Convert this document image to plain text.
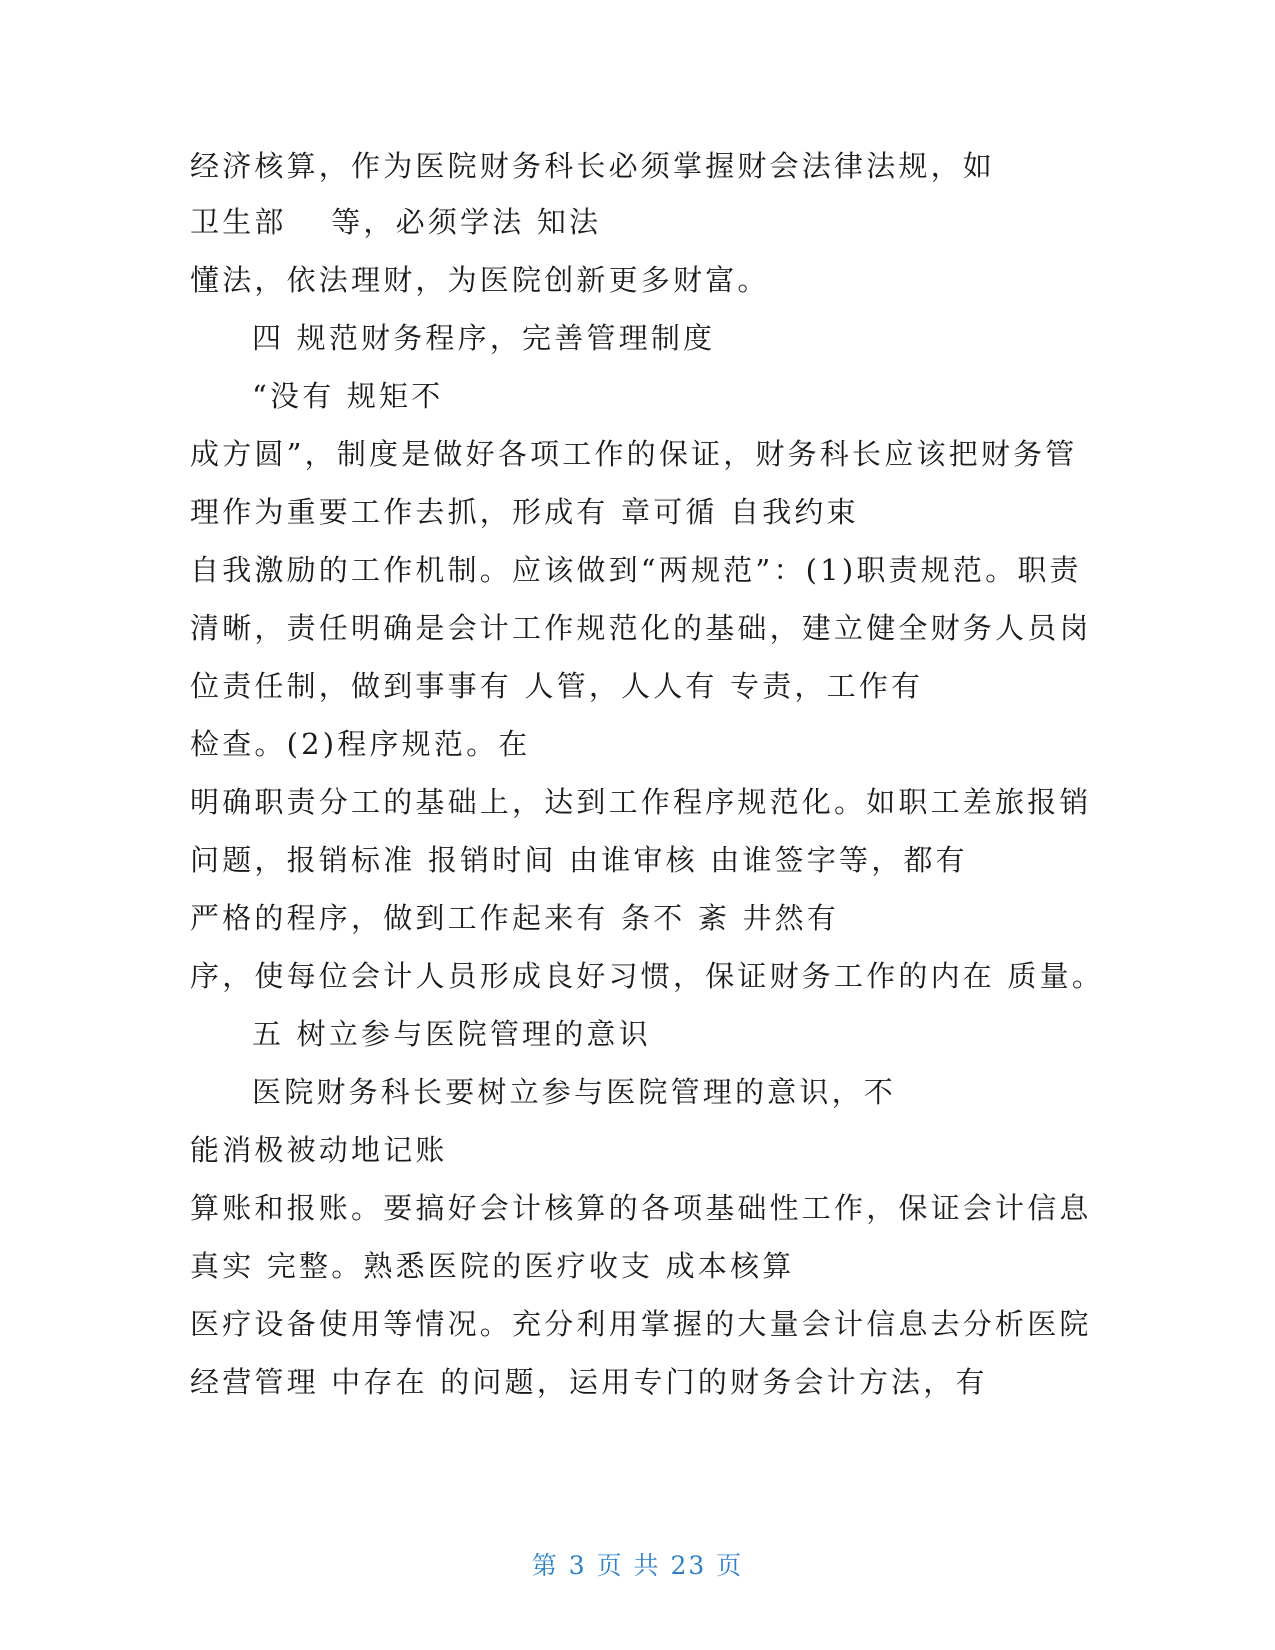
经济核算，作为医院财务科长必须掌握财会法律法规，如
卫生部　 等，必须学法 知法
懂法，依法理财，为医院创新更多财富。
四 规范财务程序，完善管理制度
“没有 规矩不
成方圆”，制度是做好各项工作的保证，财务科长应该把财务管
理作为重要工作去抓，形成有 章可循 自我约束
自我激励的工作机制。应该做到“两规范”：(1)职责规范。职责
清晰，责任明确是会计工作规范化的基础，建立健全财务人员岗
位责任制，做到事事有 人管，人人有 专责，工作有
检查。(2)程序规范。在
明确职责分工的基础上，达到工作程序规范化。如职工差旅报销
问题，报销标准 报销时间 由谁审核 由谁签字等，都有
严格的程序，做到工作起来有 条不 紊 井然有
序，使每位会计人员形成良好习惯，保证财务工作的内在 质量。
五 树立参与医院管理的意识
医院财务科长要树立参与医院管理的意识，不
能消极被动地记账
算账和报账。要搞好会计核算的各项基础性工作，保证会计信息
真实 完整。熟悉医院的医疗收支 成本核算
医疗设备使用等情况。充分利用掌握的大量会计信息去分析医院
经营管理 中存在 的问题，运用专门的财务会计方法，有
第 3 页 共 23 页
